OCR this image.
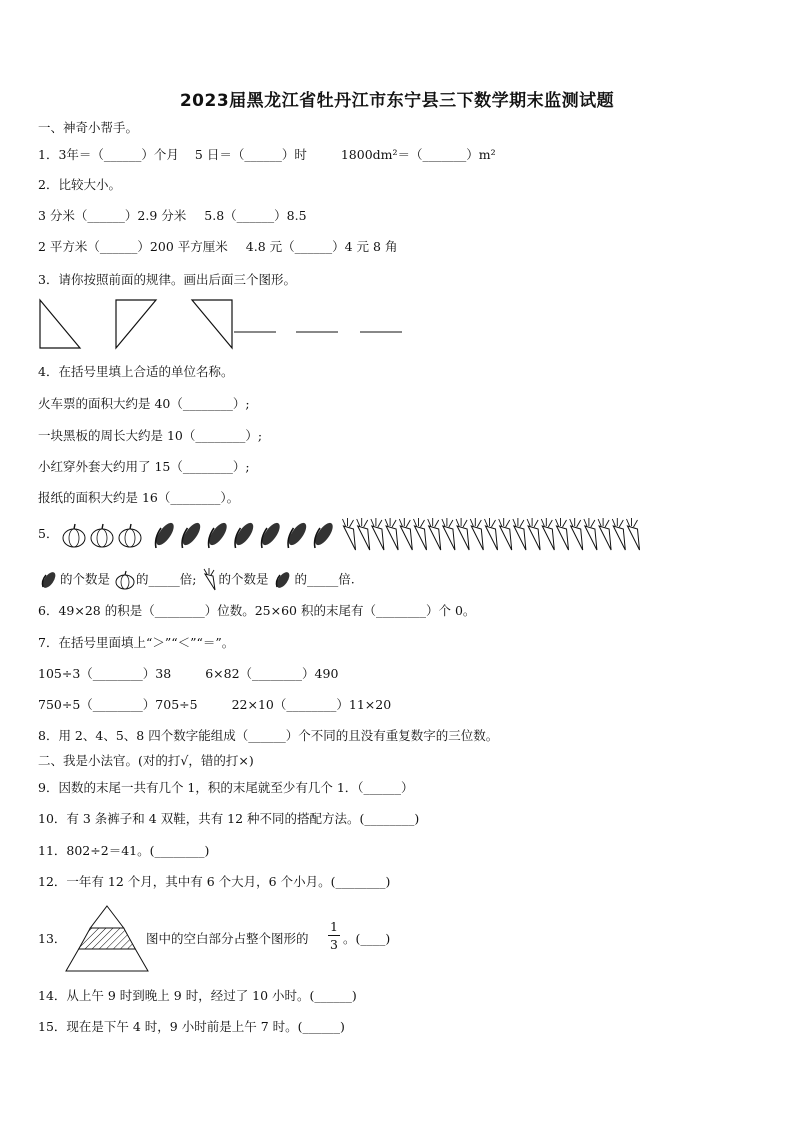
2023届黑龙江省牡丹江市东宁县三下数学期末监测试题
一、神奇小帮手。
1．3年＝（______）个月 5 日＝（______）时	1800dm²＝（_______）m²
2．比较大小。
3 分米（______）2.9 分米 5.8（______）8.5
2 平方米（______）200 平方厘米 4.8 元（______）4 元 8 角
3．请你按照前面的规律。画出后面三个图形。
4．在括号里填上合适的单位名称。
火车票的面积大约是 40（________）;
一块黑板的周长大约是 10（________）;
小红穿外套大约用了 15（________）;
报纸的面积大约是 16（________）。
5．
的个数是 的_____倍; 的个数是 的_____倍.
6．49×28 的积是（________）位数。25×60 积的末尾有（________）个 0。
7．在括号里面填上“＞”“＜”“＝”。
105÷3（________）38	6×82（________）490
750÷5（________）705÷5	22×10（________）11×20
8．用 2、4、5、8 四个数字能组成（______）个不同的且没有重复数字的三位数。
二、我是小法官。(对的打√，错的打×)
9．因数的末尾一共有几个 1，积的末尾就至少有几个 1．（______）
10．有 3 条裤子和 4 双鞋，共有 12 种不同的搭配方法。(________)
11．802÷2＝41。(________)
12．一年有 12 个月，其中有 6 个大月，6 个小月。(________)
13．	图中的空白部分占整个图形的
1
3 。(____)
14．从上午 9 时到晚上 9 时，经过了 10 小时。(______)
15．现在是下午 4 时，9 小时前是上午 7 时。(______)
